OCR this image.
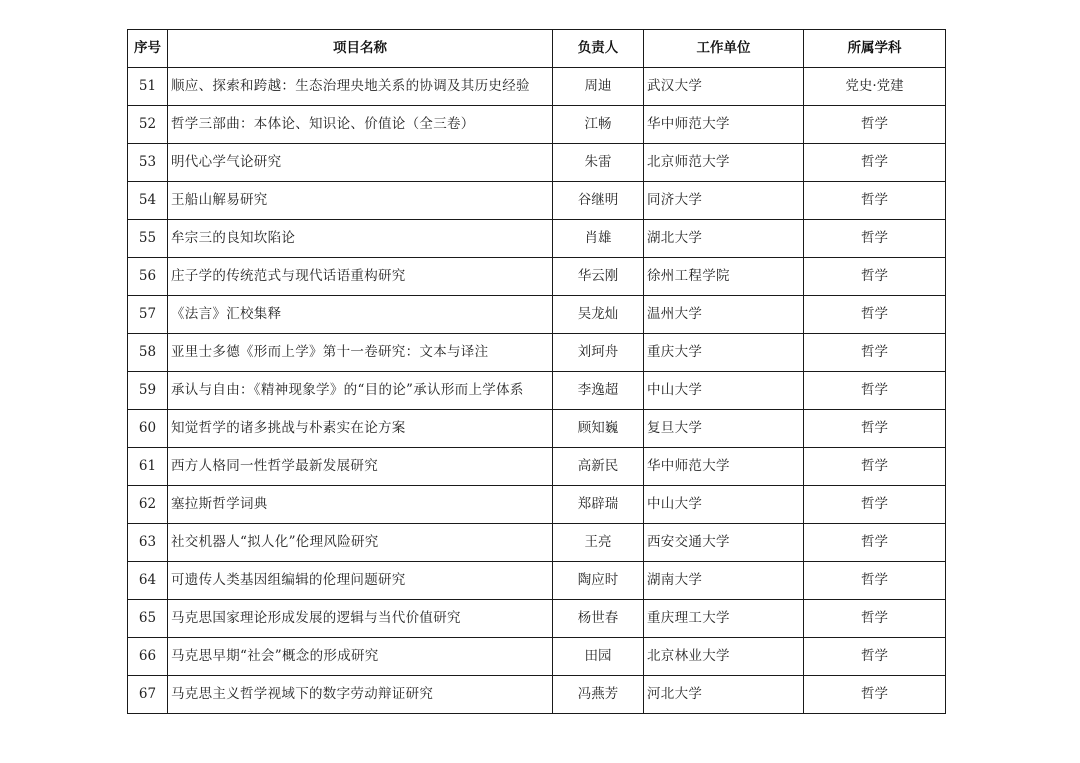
序号	项目名称	负责人	工作单位	所属学科
51	顺应、探索和跨越：生态治理央地关系的协调及其历史经验	周迪	武汉大学	党史·党建
52	哲学三部曲：本体论、知识论、价值论（全三卷）	江畅	华中师范大学	哲学
53	明代心学气论研究	朱雷	北京师范大学	哲学
54	王船山解易研究	谷继明	同济大学	哲学
55	牟宗三的良知坎陷论	肖雄	湖北大学	哲学
56	庄子学的传统范式与现代话语重构研究	华云刚	徐州工程学院	哲学
57	《法言》汇校集释	吴龙灿	温州大学	哲学
58	亚里士多德《形而上学》第十一卷研究：文本与译注	刘珂舟	重庆大学	哲学
59	承认与自由：《精神现象学》的“目的论”承认形而上学体系	李逸超	中山大学	哲学
60	知觉哲学的诸多挑战与朴素实在论方案	顾知巍	复旦大学	哲学
61	西方人格同一性哲学最新发展研究	高新民	华中师范大学	哲学
62	塞拉斯哲学词典	郑辟瑞	中山大学	哲学
63	社交机器人“拟人化”伦理风险研究	王亮	西安交通大学	哲学
64	可遗传人类基因组编辑的伦理问题研究	陶应时	湖南大学	哲学
65	马克思国家理论形成发展的逻辑与当代价值研究	杨世春	重庆理工大学	哲学
66	马克思早期“社会”概念的形成研究	田园	北京林业大学	哲学
67	马克思主义哲学视域下的数字劳动辩证研究	冯燕芳	河北大学	哲学
